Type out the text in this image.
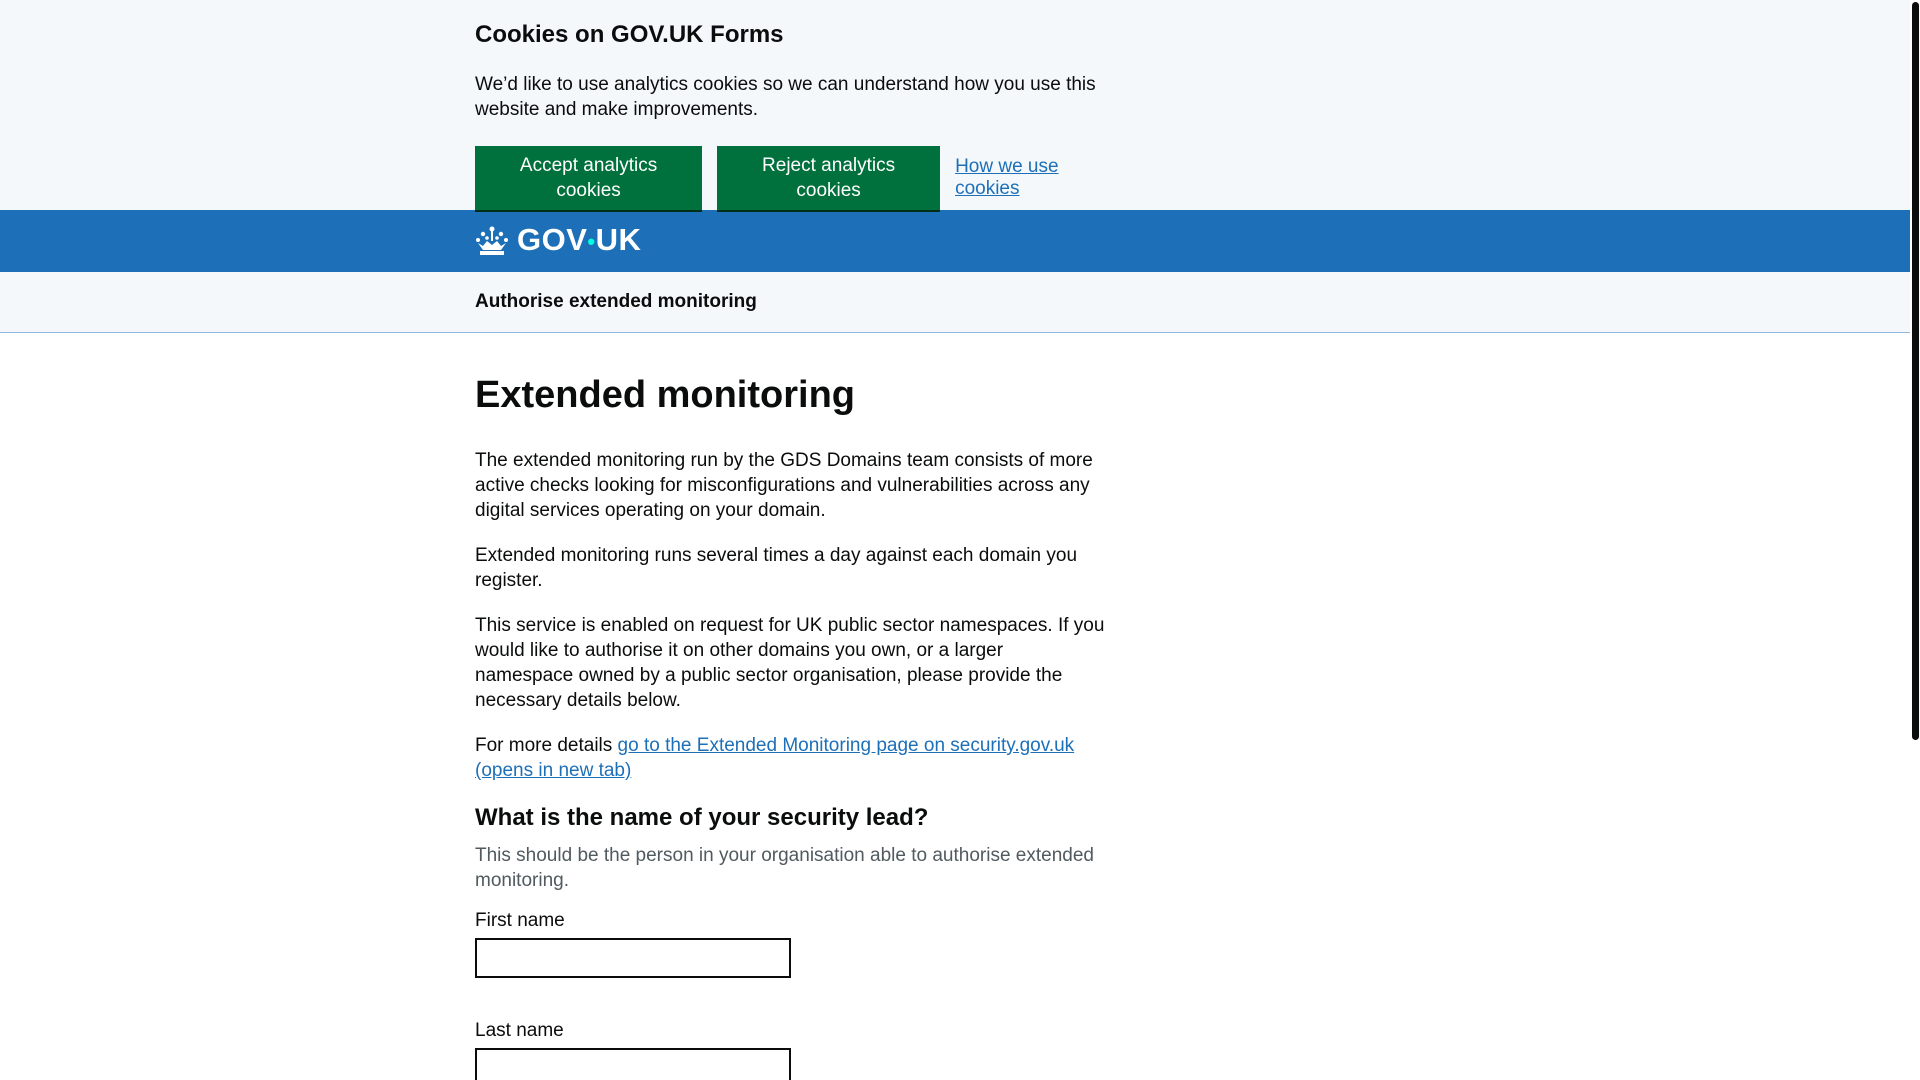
Cookies on GOV.UK Forms

We’d like to use analytics cookies so we can understand how you use this website and make improvements.

Accept analytics cookies
Reject analytics cookies
How we use cookies
GOV•UK
Authorise extended monitoring
Extended monitoring

The extended monitoring run by the GDS Domains team consists of more active checks looking for misconfigurations and vulnerabilities across any digital services operating on your domain.

Extended monitoring runs several times a day against each domain you register.

This service is enabled on request for UK public sector namespaces. If you would like to authorise it on other domains you own, or a larger namespace owned by a public sector organisation, please provide the necessary details below.

For more details go to the Extended Monitoring page on security.gov.uk (opens in new tab)

What is the name of your security lead?

This should be the person in your organisation able to authorise extended monitoring.

First name
Last name
